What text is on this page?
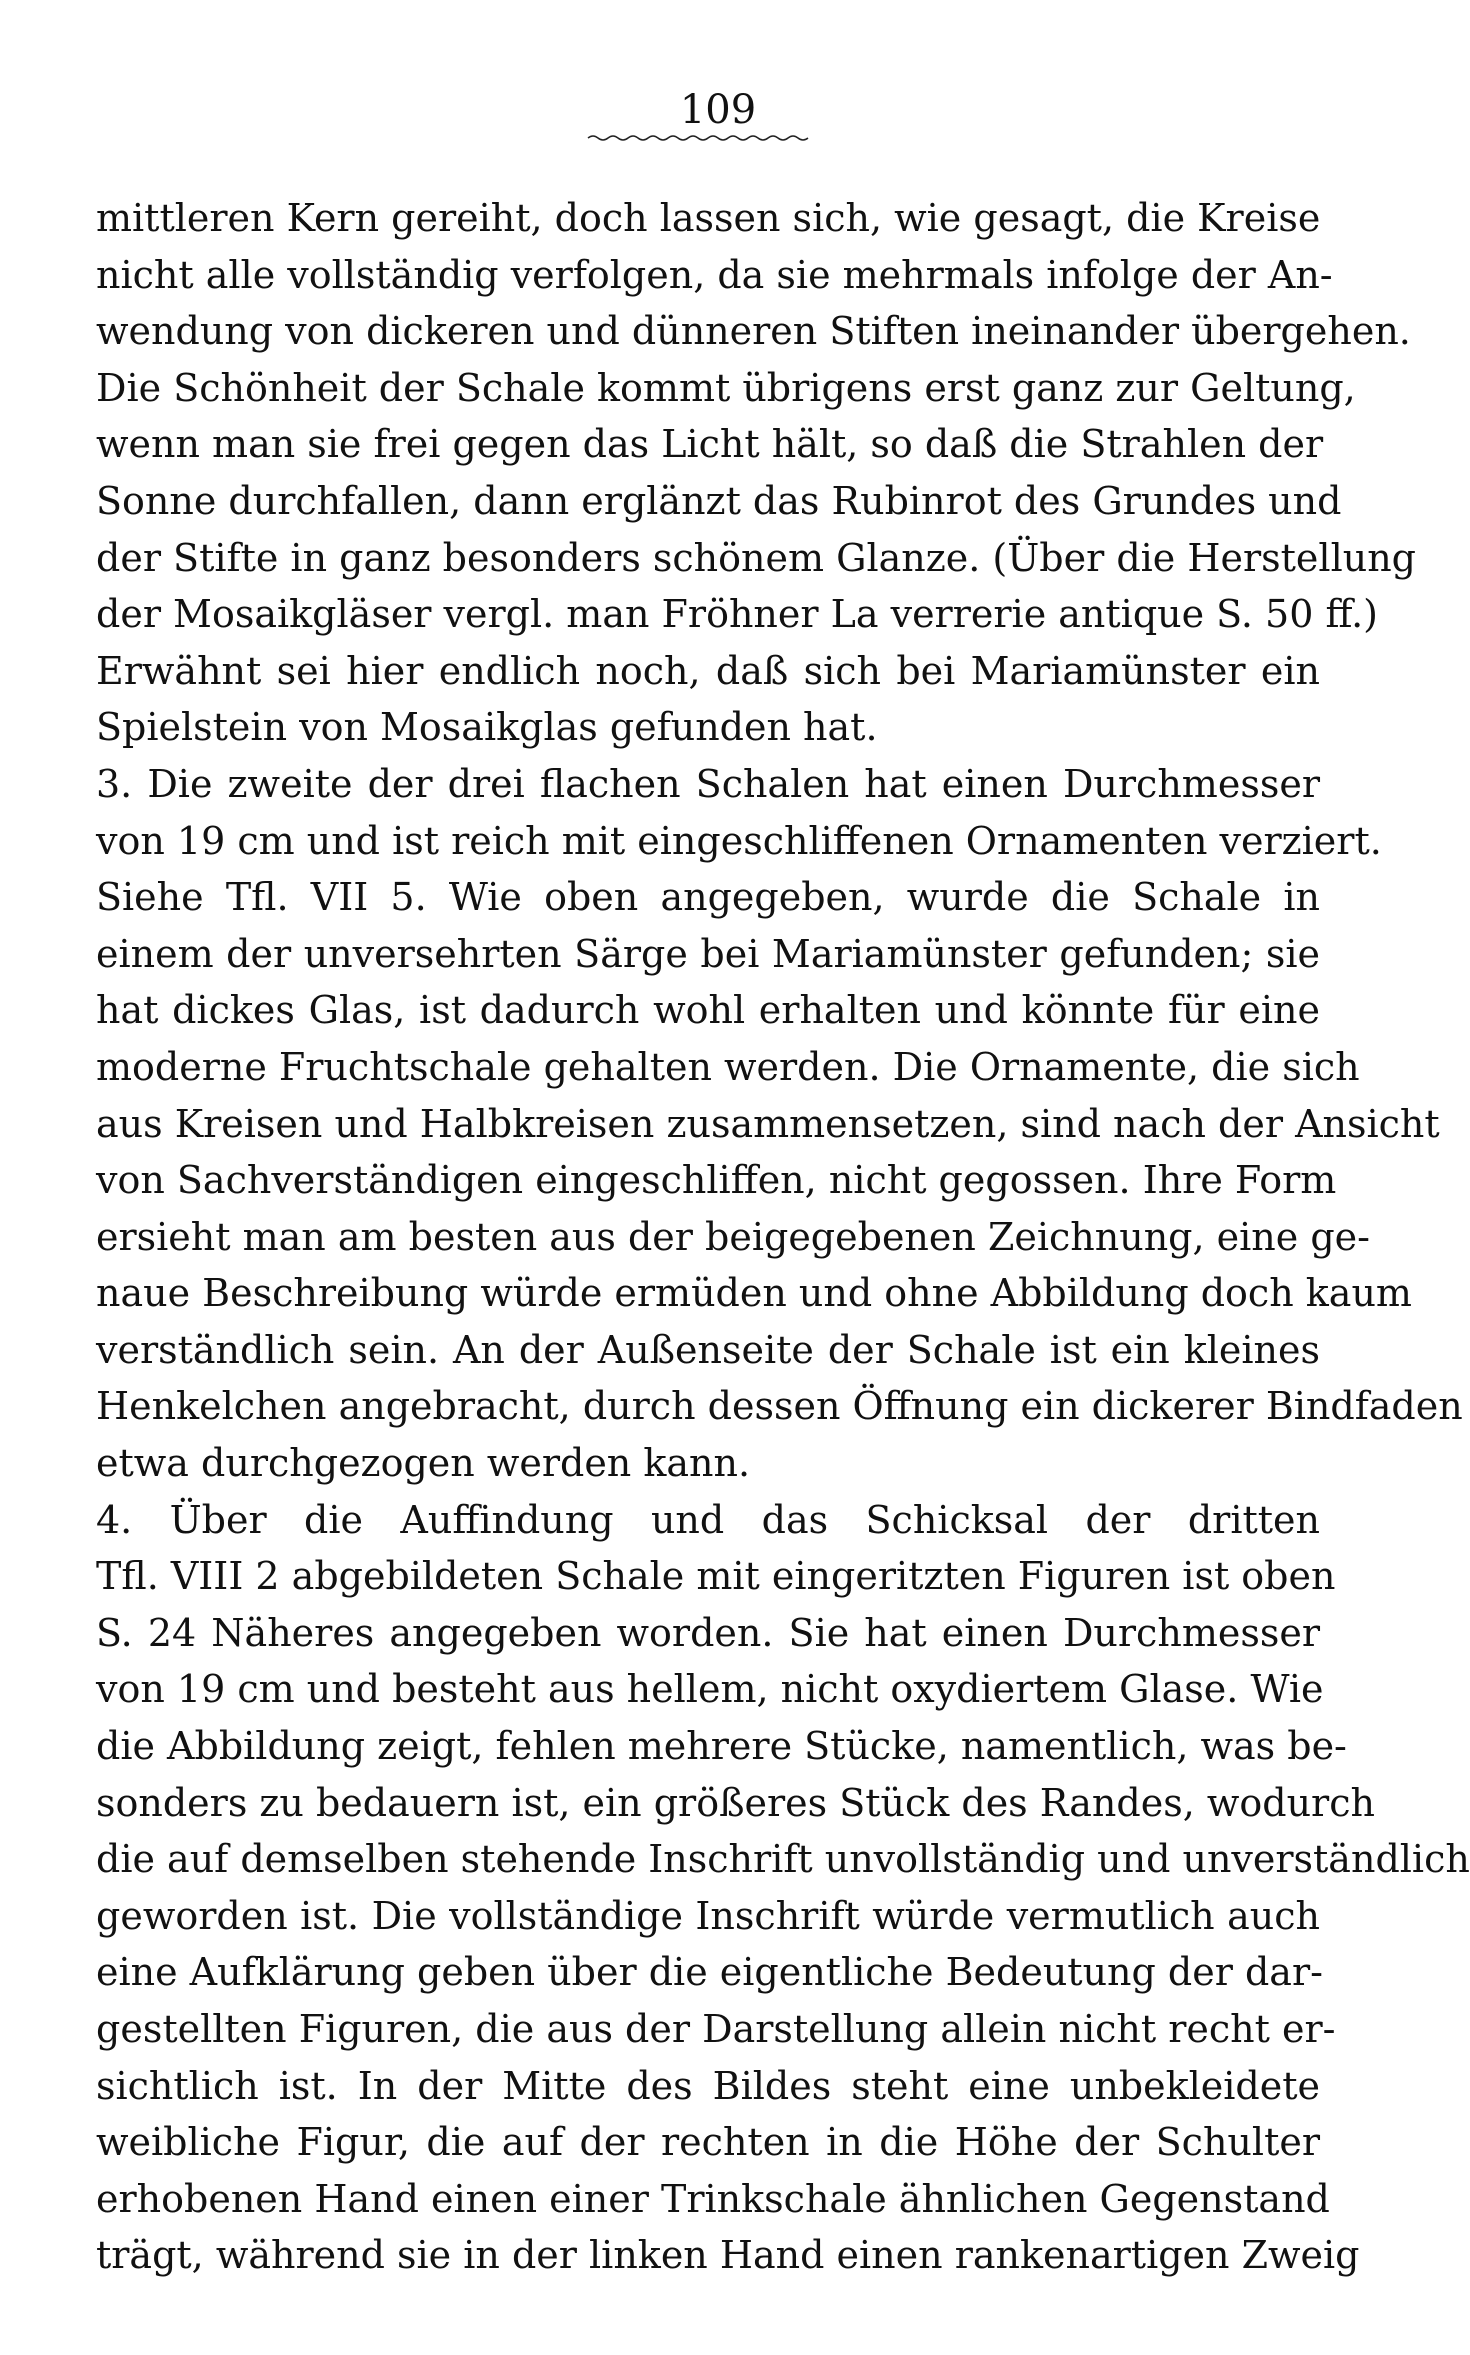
109
mittleren Kern gereiht, doch lassen sich, wie gesagt, die Kreise
nicht alle vollständig verfolgen, da sie mehrmals infolge der An-
wendung von dickeren und dünneren Stiften ineinander übergehen.
Die Schönheit der Schale kommt übrigens erst ganz zur Geltung,
wenn man sie frei gegen das Licht hält, so daß die Strahlen der
Sonne durchfallen, dann erglänzt das Rubinrot des Grundes und
der Stifte in ganz besonders schönem Glanze. (Über die Herstellung
der Mosaikgläser vergl. man Fröhner La verrerie antique S. 50 ff.)
Erwähnt sei hier endlich noch, daß sich bei Mariamünster ein
Spielstein von Mosaikglas gefunden hat.
3. Die zweite der drei flachen Schalen hat einen Durchmesser
von 19 cm und ist reich mit eingeschliffenen Ornamenten verziert.
Siehe Tfl. VII 5. Wie oben angegeben, wurde die Schale in
einem der unversehrten Särge bei Mariamünster gefunden; sie
hat dickes Glas, ist dadurch wohl erhalten und könnte für eine
moderne Fruchtschale gehalten werden. Die Ornamente, die sich
aus Kreisen und Halbkreisen zusammensetzen, sind nach der Ansicht
von Sachverständigen eingeschliffen, nicht gegossen. Ihre Form
ersieht man am besten aus der beigegebenen Zeichnung, eine ge-
naue Beschreibung würde ermüden und ohne Abbildung doch kaum
verständlich sein. An der Außenseite der Schale ist ein kleines
Henkelchen angebracht, durch dessen Öffnung ein dickerer Bindfaden
etwa durchgezogen werden kann.
4. Über die Auffindung und das Schicksal der dritten
Tfl. VIII 2 abgebildeten Schale mit eingeritzten Figuren ist oben
S. 24 Näheres angegeben worden. Sie hat einen Durchmesser
von 19 cm und besteht aus hellem, nicht oxydiertem Glase. Wie
die Abbildung zeigt, fehlen mehrere Stücke, namentlich, was be-
sonders zu bedauern ist, ein größeres Stück des Randes, wodurch
die auf demselben stehende Inschrift unvollständig und unverständlich
geworden ist. Die vollständige Inschrift würde vermutlich auch
eine Aufklärung geben über die eigentliche Bedeutung der dar-
gestellten Figuren, die aus der Darstellung allein nicht recht er-
sichtlich ist. In der Mitte des Bildes steht eine unbekleidete
weibliche Figur, die auf der rechten in die Höhe der Schulter
erhobenen Hand einen einer Trinkschale ähnlichen Gegenstand
trägt, während sie in der linken Hand einen rankenartigen Zweig
